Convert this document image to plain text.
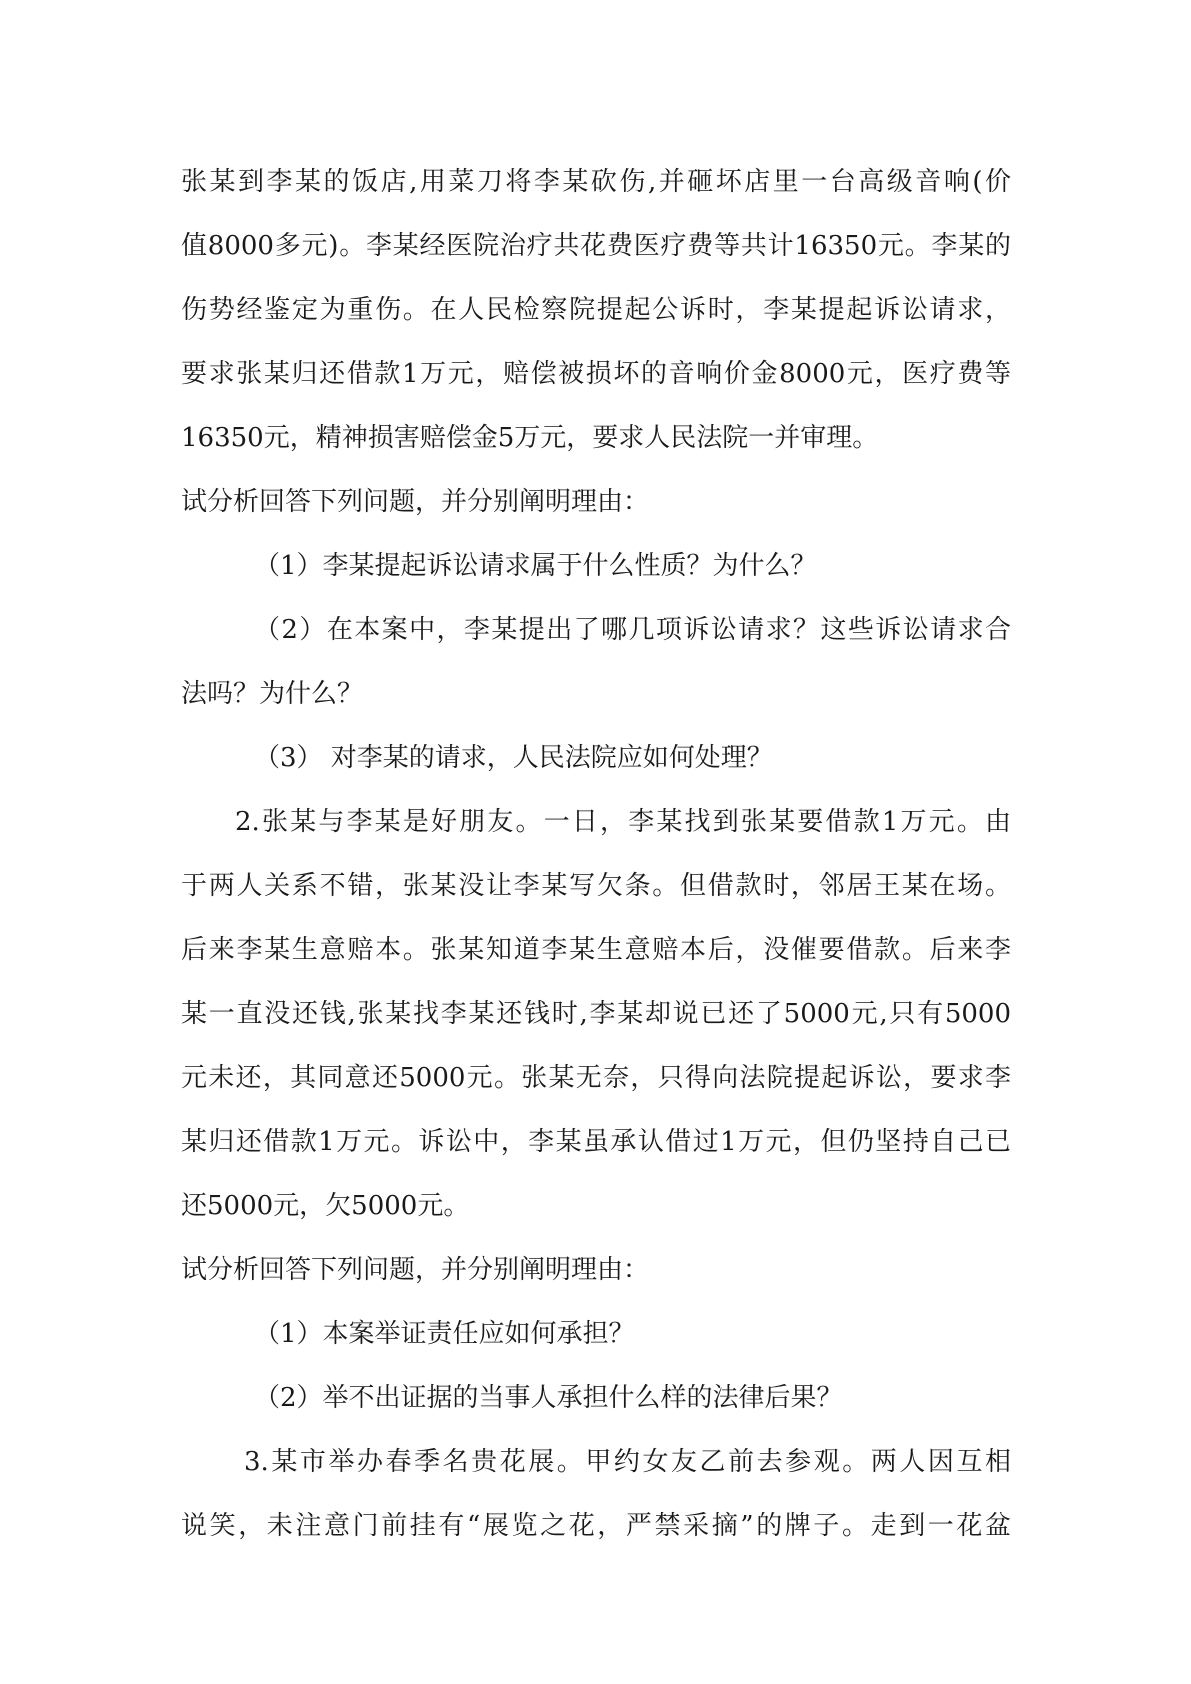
张某到李某的饭店,用菜刀将李某砍伤,并砸坏店里一台高级音响(价
值8000多元)。李某经医院治疗共花费医疗费等共计16350元。李某的
伤势经鉴定为重伤。在人民检察院提起公诉时，李某提起诉讼请求，
要求张某归还借款1万元，赔偿被损坏的音响价金8000元，医疗费等
16350元，精神损害赔偿金5万元，要求人民法院一并审理。
试分析回答下列问题，并分别阐明理由：
（1）李某提起诉讼请求属于什么性质？为什么？
（2）在本案中，李某提出了哪几项诉讼请求？这些诉讼请求合
法吗？为什么？
（3） 对李某的请求，人民法院应如何处理？
2.张某与李某是好朋友。一日，李某找到张某要借款1万元。由
于两人关系不错，张某没让李某写欠条。但借款时，邻居王某在场。
后来李某生意赔本。张某知道李某生意赔本后，没催要借款。后来李
某一直没还钱,张某找李某还钱时,李某却说已还了5000元,只有5000
元未还，其同意还5000元。张某无奈，只得向法院提起诉讼，要求李
某归还借款1万元。诉讼中，李某虽承认借过1万元，但仍坚持自己已
还5000元，欠5000元。
试分析回答下列问题，并分别阐明理由：
（1）本案举证责任应如何承担？
（2）举不出证据的当事人承担什么样的法律后果？
3.某市举办春季名贵花展。甲约女友乙前去参观。两人因互相
说笑，未注意门前挂有“展览之花，严禁采摘”的牌子。走到一花盆
